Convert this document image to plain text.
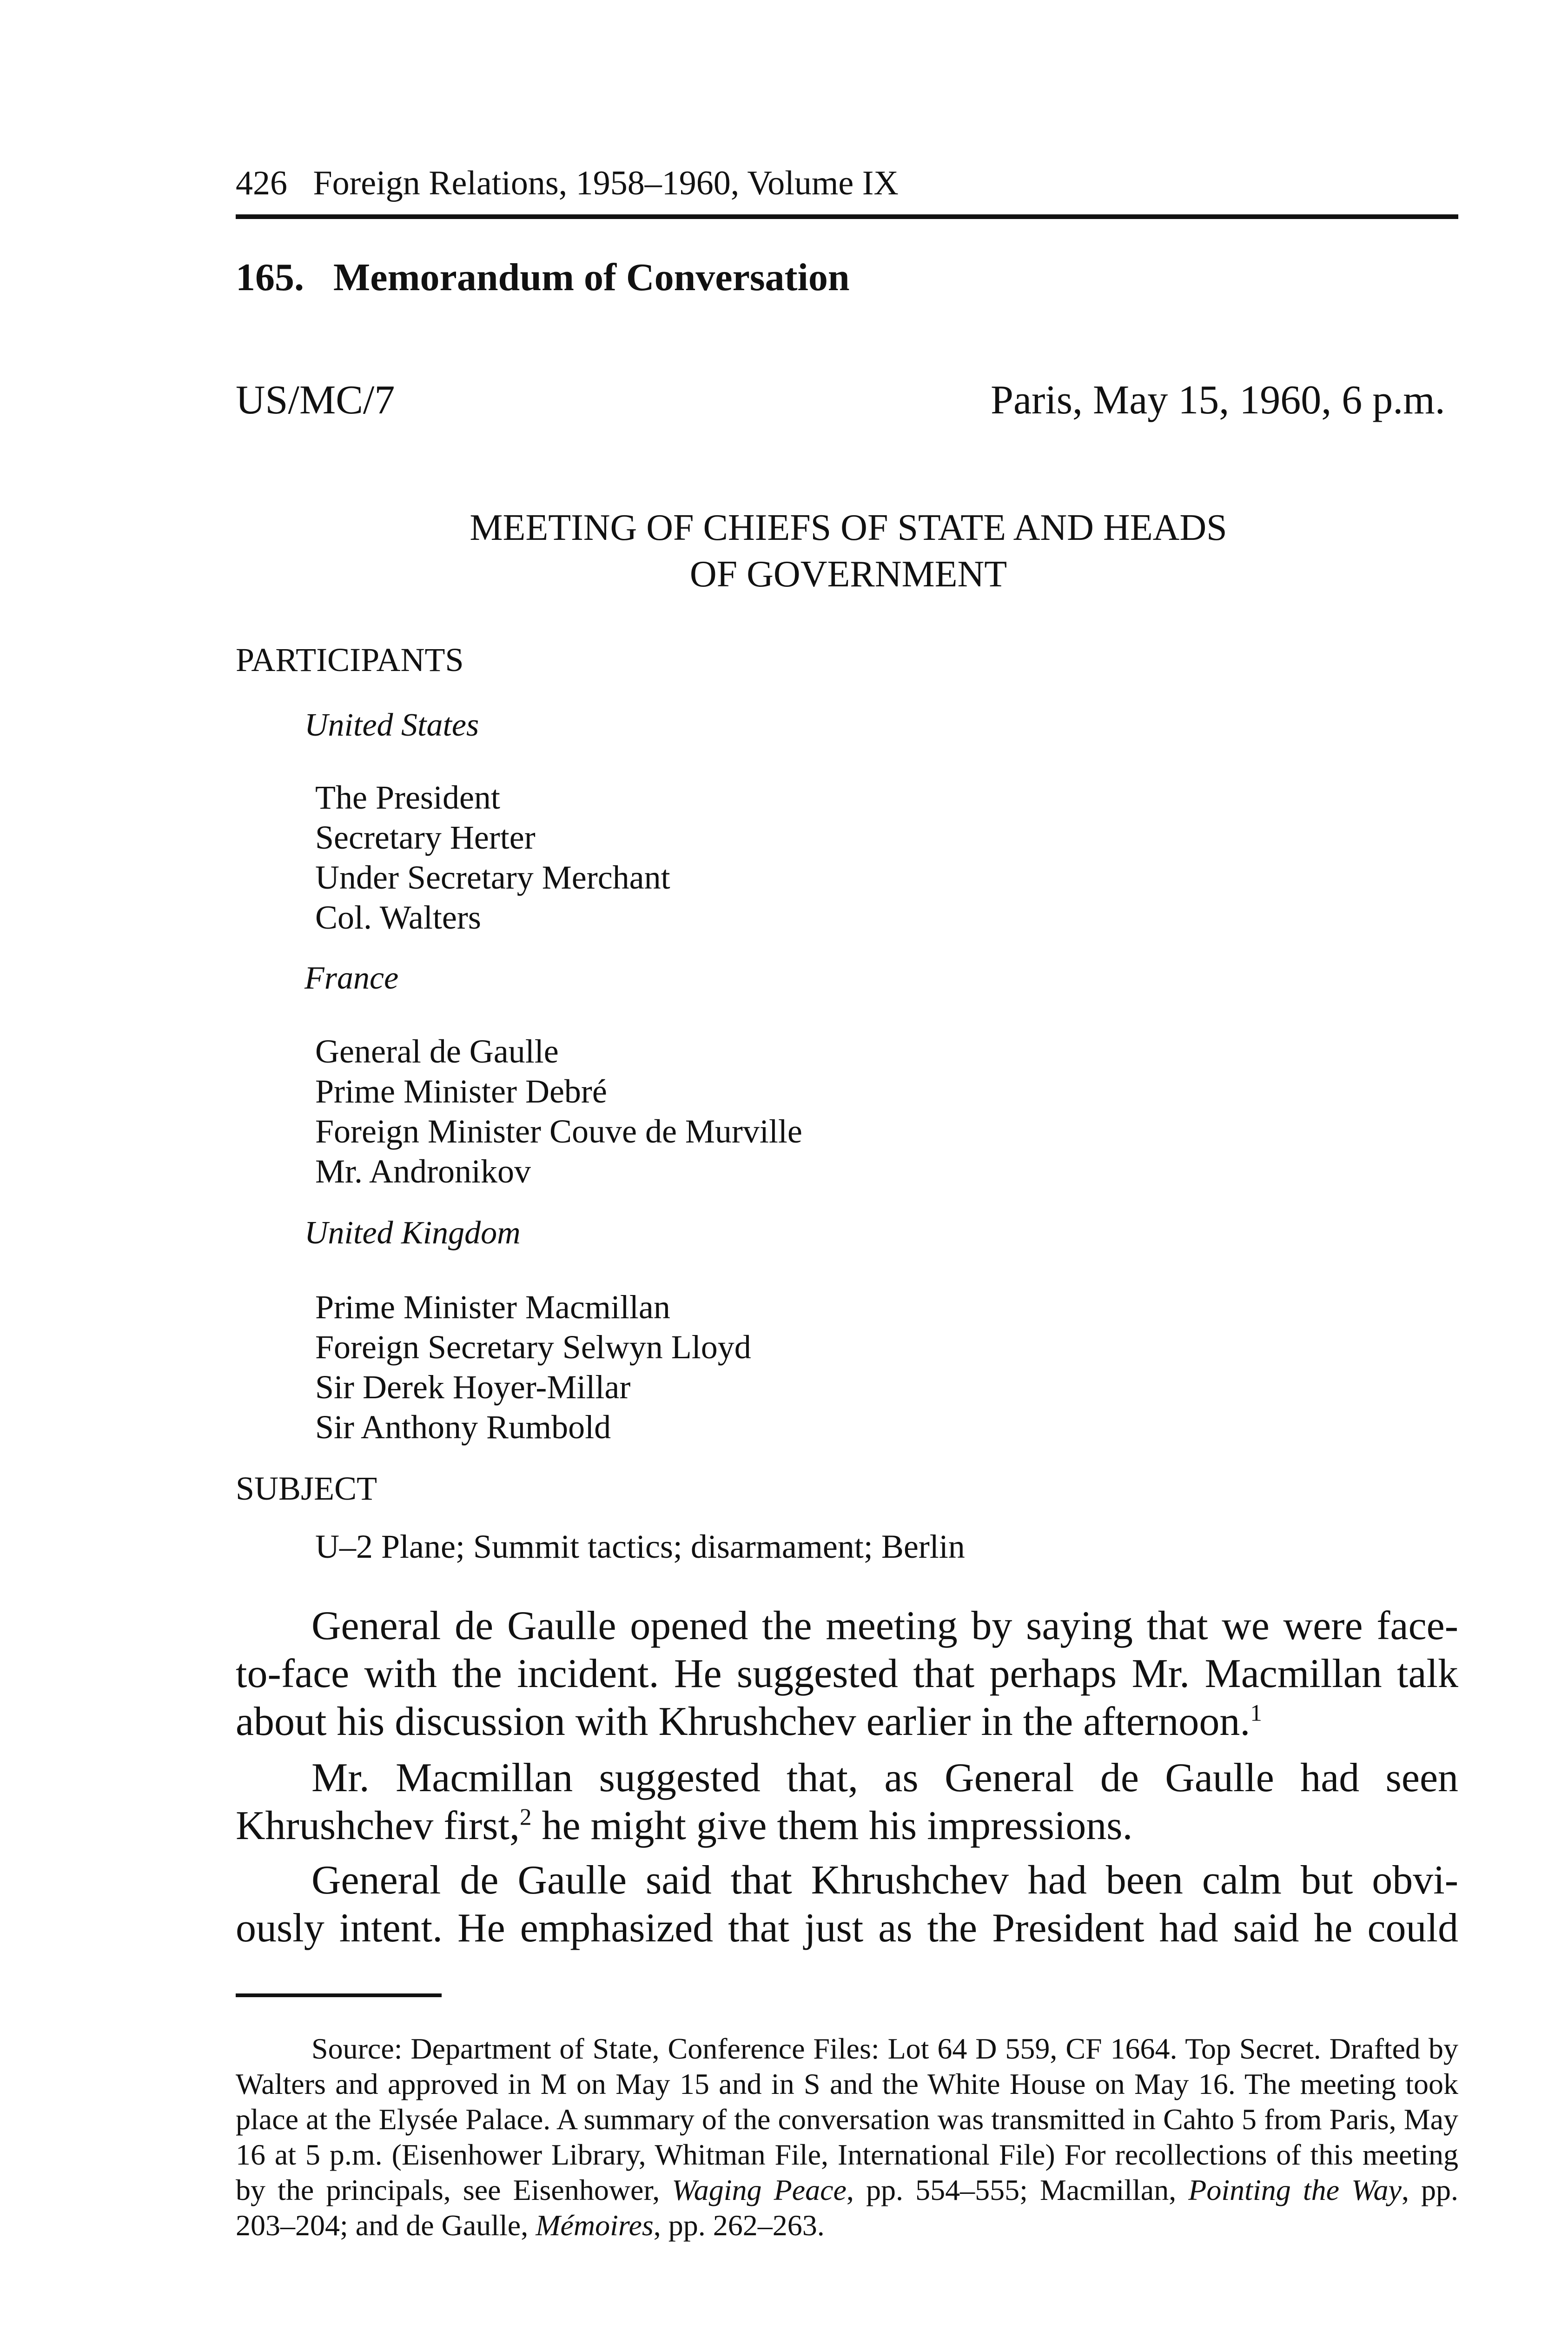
426   Foreign Relations, 1958–1960, Volume IX
165.   Memorandum of Conversation
US/MC/7	Paris, May 15, 1960, 6 p.m.
MEETING OF CHIEFS OF STATE AND HEADS OF GOVERNMENT
PARTICIPANTS
United States
The President
Secretary Herter
Under Secretary Merchant
Col. Walters
France
General de Gaulle
Prime Minister Debré
Foreign Minister Couve de Murville
Mr. Andronikov
United Kingdom
Prime Minister Macmillan
Foreign Secretary Selwyn Lloyd
Sir Derek Hoyer-Millar
Sir Anthony Rumbold
SUBJECT
U–2 Plane; Summit tactics; disarmament; Berlin

General de Gaulle opened the meeting by saying that we were face-to-face with the incident. He suggested that perhaps Mr. Macmillan talk about his discussion with Khrushchev earlier in the afternoon.$^1$

Mr. Macmillan suggested that, as General de Gaulle had seen Khrushchev first,$^2$ he might give them his impressions.

General de Gaulle said that Khrushchev had been calm but obvi-

ously intent. He emphasized that just as the President had said he could

Source: Department of State, Conference Files: Lot 64 D 559, CF 1664. Top Secret. Drafted by Walters and approved in M on May 15 and in S and the White House on May 16. The meeting took place at the Elysée Palace. A summary of the conversation was transmitted in Cahto 5 from Paris, May 16 at 5 p.m. (Eisenhower Library, Whitman File, International File) For recollections of this meeting by the principals, see Eisenhower, Waging Peace, pp. 554–555; Macmillan, Pointing the Way, pp. 203–204; and de Gaulle, Mémoires, pp. 262–263.
